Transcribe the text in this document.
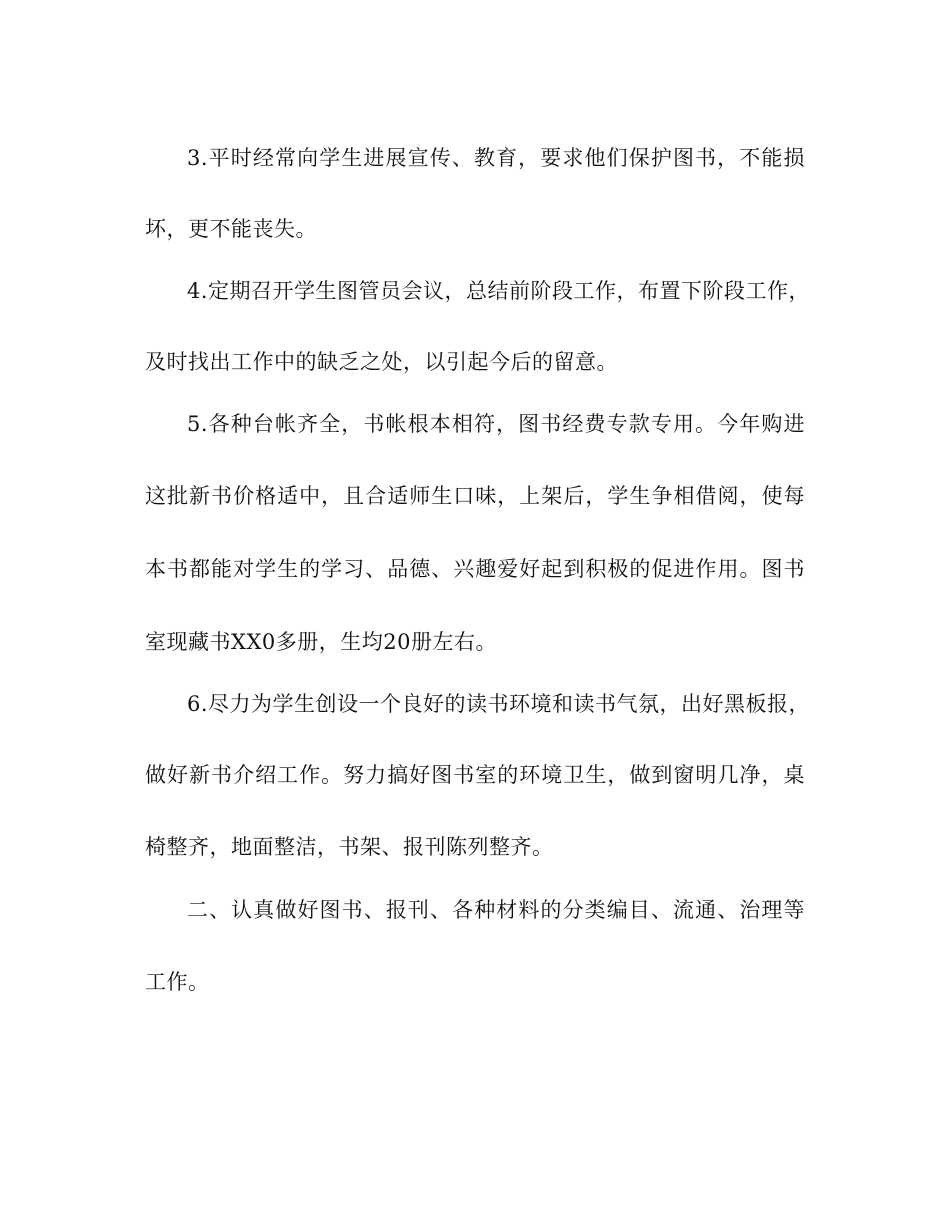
3.平时经常向学生进展宣传、教育，要求他们保护图书，不能损
坏，更不能丧失。
4.定期召开学生图管员会议，总结前阶段工作，布置下阶段工作，
及时找出工作中的缺乏之处，以引起今后的留意。
5.各种台帐齐全，书帐根本相符，图书经费专款专用。今年购进
这批新书价格适中，且合适师生口味，上架后，学生争相借阅，使每
本书都能对学生的学习、品德、兴趣爱好起到积极的促进作用。图书
室现藏书XX0多册，生均20册左右。
6.尽力为学生创设一个良好的读书环境和读书气氛，出好黑板报，
做好新书介绍工作。努力搞好图书室的环境卫生，做到窗明几净，桌
椅整齐，地面整洁，书架、报刊陈列整齐。
二、认真做好图书、报刊、各种材料的分类编目、流通、治理等
工作。
